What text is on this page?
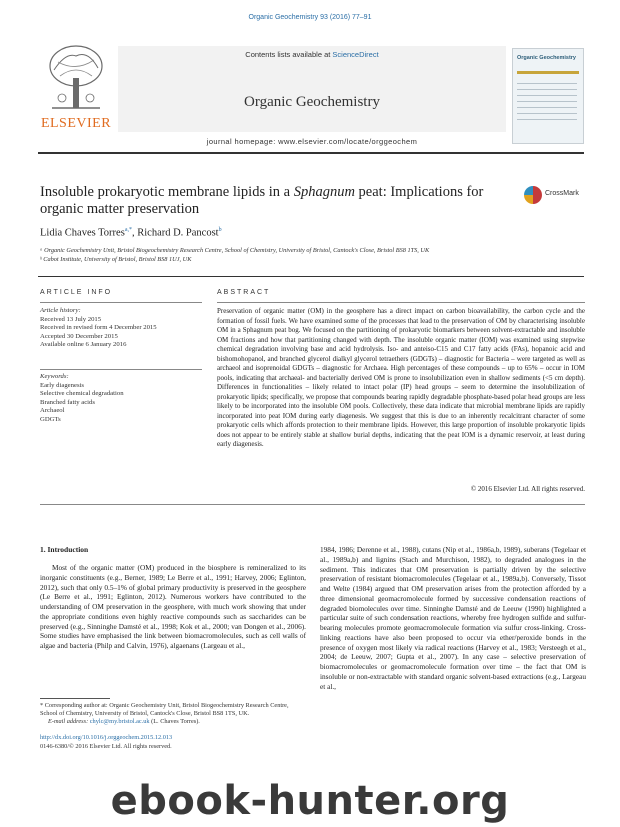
Organic Geochemistry 93 (2016) 77–91
ELSEVIER
Contents lists available at ScienceDirect
Organic Geochemistry
journal homepage: www.elsevier.com/locate/orggeochem
Organic Geochemistry
Insoluble prokaryotic membrane lipids in a Sphagnum peat: Implications for organic matter preservation
CrossMark
Lidia Chaves Torres$^{a,*}$, Richard D. Pancost$^b$
ᵃ Organic Geochemistry Unit, Bristol Biogeochemistry Research Centre, School of Chemistry, University of Bristol, Cantock's Close, Bristol BS8 1TS, UK
ᵇ Cabot Institute, University of Bristol, Bristol BS8 1UJ, UK
ARTICLE INFO	ABSTRACT
Article history:
Received 13 July 2015
Received in revised form 4 December 2015
Accepted 30 December 2015
Available online 6 January 2016
Keywords:
Early diagenesis
Selective chemical degradation
Branched fatty acids
Archaeol
GDGTs

Preservation of organic matter (OM) in the geosphere has a direct impact on carbon bioavailability, the carbon cycle and the formation of fossil fuels. We have examined some of the processes that lead to the preservation of OM by characterising insoluble OM in a Sphagnum peat bog. We focused on the partitioning of prokaryotic biomarkers between solvent-extractable and insoluble OM fractions and how that partitioning changed with depth. The insoluble organic matter (IOM) was examined using stepwise chemical degradation involving base and acid hydrolysis. Iso- and anteiso-C15 and C17 fatty acids (FAs), hopanoic acid and bishomohopanol, and branched glycerol dialkyl glycerol tetraethers (GDGTs) – diagnostic for Bacteria – were targeted as well as archaeol and isoprenoidal GDGTs – diagnostic for Archaea. High percentages of these compounds – up to 65% – occur in IOM pools, indicating that archaeal- and bacterially derived OM is prone to insolubilization even in shallow sediments (<5 cm depth). Differences in functionalities – likely related to intact polar (IP) head groups – seem to determine the insolubilization of prokaryotic lipids; specifically, we propose that compounds bearing rapidly degradable phosphate-based polar head groups are less likely to be incorporated into the insoluble OM pools. Collectively, these data indicate that microbial membrane lipids are rapidly incorporated into peat IOM during early diagenesis. We suggest that this is due to an inherently recalcitrant character of some prokaryotic cells which affords protection to their membrane lipids. However, this large proportion of insoluble prokaryotic lipids does not appear to be entirely stable at shallow burial depths, indicating that the peat IOM is a dynamic reservoir, at least during early diagenesis.

© 2016 Elsevier Ltd. All rights reserved.
1. Introduction

Most of the organic matter (OM) produced in the biosphere is remineralized to its inorganic constituents (e.g., Berner, 1989; Le Berre et al., 1991; Harvey, 2006; Eglinton, 2012), such that only 0.5–1% of global primary productivity is preserved in the geosphere (Le Berre et al., 1991; Eglinton, 2012). Numerous workers have contributed to the understanding of OM preservation in the geosphere, with much work showing that under the appropriate conditions even highly reactive compounds such as saccharides can be preserved (e.g., Sinninghe Damsté et al., 1998; Kok et al., 2000; van Dongen et al., 2006). Some studies have emphasised the link between biomacromolecules, such as cell walls of algae and bacteria (Philp and Calvin, 1976), algaenans (Largeau et al.,

1984, 1986; Derenne et al., 1988), cutans (Nip et al., 1986a,b, 1989), suberans (Tegelaar et al., 1989a,b) and lignins (Stach and Murchison, 1982), to degraded analogues in the sediment. This indicates that OM preservation is partially driven by the selective preservation of resistant biomacromolecules (Tegelaar et al., 1989a,b). Conversely, Tissot and Welte (1984) argued that OM preservation arises from the protection afforded by a three dimensional geomacromolecule formed by successive condensation reactions of degraded biomolecules over time. Sinninghe Damsté and de Leeuw (1990) highlighted a particular suite of such condensation reactions, whereby free hydrogen sulfide and sulfur-bearing molecules promote geomacromolecule formation via sulfur cross-linking. Cross-linking reactions have also been proposed to occur via ether/peroxide bonds in the presence of oxygen most likely via radical reactions (Harvey et al., 1983; Versteegh et al., 2004; de Leeuw, 2007; Gupta et al., 2007). In any case – selective preservation of biomacromolecules or geomacromolecule formation over time – the fact that OM is insoluble or non-extractable with standard organic solvent-based extractions (e.g., Largeau et al.,

* Corresponding author at: Organic Geochemistry Unit, Bristol Biogeochemistry Research Centre, School of Chemistry, University of Bristol, Cantock's Close, Bristol BS8 1TS, UK.
E-mail address: chylc@my.bristol.ac.uk (L. Chaves Torres).
http://dx.doi.org/10.1016/j.orggeochem.2015.12.013
0146-6380/© 2016 Elsevier Ltd. All rights reserved.
ebook-hunter.org
